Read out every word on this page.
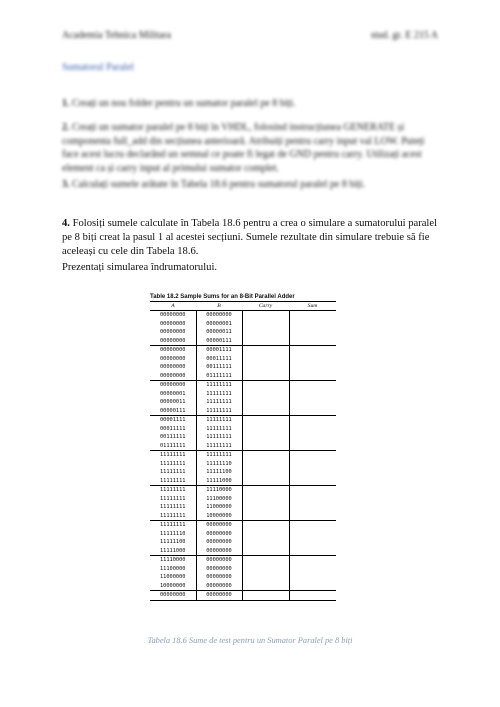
Academia Tehnica Militara	stud. gr. E 215 A
Sumatorul Paralel
1. Creați un nou folder pentru un sumator paralel pe 8 biți.
2. Creați un sumator paralel pe 8 biți în VHDL, folosind instrucțiunea GENERATE și componenta full_add din secțiunea anterioară. Atribuiți pentru carry input val LOW. Puteți face acest lucru declarând un semnal ce poate fi legat de GND pentru carry. Utilizați acest element ca și carry input al primului sumator complet.
3. Calculați sumele arătate în Tabela 18.6 pentru sumatorul paralel pe 8 biți.
4. Folosiți sumele calculate în Tabela 18.6 pentru a crea o simulare a sumatorului paralel pe 8 biți creat la pasul 1 al acestei secțiuni. Sumele rezultate din simulare trebuie să fie aceleași cu cele din Tabela 18.6.
Prezentați simularea îndrumatorului.
Table 18.2 Sample Sums for an 8-Bit Parallel Adder
A	B	Carry	Sum
00000000	00000000		
00000000	00000001		
00000000	00000011		
00000000	00000111		
00000000	00001111		
00000000	00011111		
00000000	00111111		
00000000	01111111		
00000000	11111111		
00000001	11111111		
00000011	11111111		
00000111	11111111		
00001111	11111111		
00011111	11111111		
00111111	11111111		
01111111	11111111		
11111111	11111111		
11111111	11111110		
11111111	11111100		
11111111	11111000		
11111111	11110000		
11111111	11100000		
11111111	11000000		
11111111	10000000		
11111111	00000000		
11111110	00000000		
11111100	00000000		
11111000	00000000		
11110000	00000000		
11100000	00000000		
11000000	00000000		
10000000	00000000		
00000000	00000000		
Tabela 18.6 Sume de test pentru un Sumator Paralel pe 8 biți
